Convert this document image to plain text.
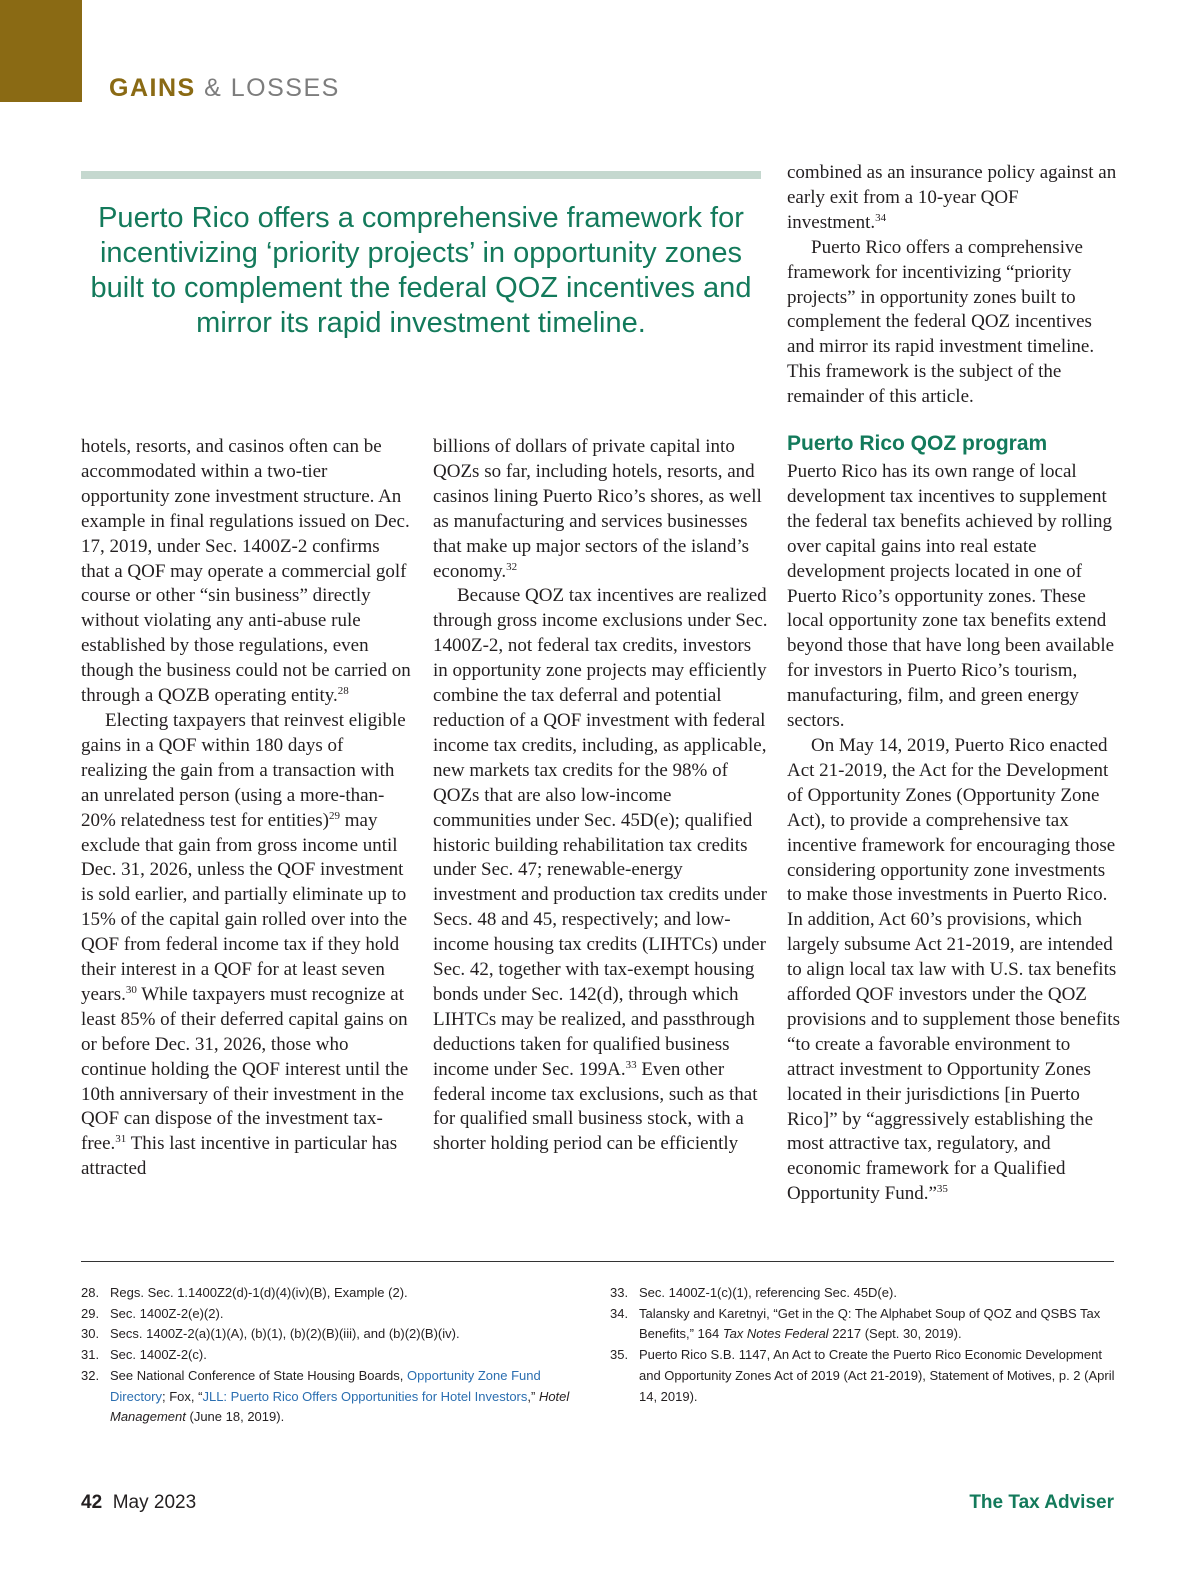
GAINS & LOSSES
Puerto Rico offers a comprehensive framework for incentivizing ‘priority projects’ in opportunity zones built to complement the federal QOZ incentives and mirror its rapid investment timeline.

hotels, resorts, and casinos often can be accommodated within a two-tier opportunity zone investment structure. An example in final regulations issued on Dec. 17, 2019, under Sec. 1400Z-2 confirms that a QOF may operate a commercial golf course or other “sin business” directly without violating any anti-abuse rule established by those regulations, even though the business could not be carried on through a QOZB operating entity.$^{28}$

Electing taxpayers that reinvest eligible gains in a QOF within 180 days of realizing the gain from a transaction with an unrelated person (using a more-than-20% relatedness test for entities)$^{29}$ may exclude that gain from gross income until Dec. 31, 2026, unless the QOF investment is sold earlier, and partially eliminate up to 15% of the capital gain rolled over into the QOF from federal income tax if they hold their interest in a QOF for at least seven years.$^{30}$ While taxpayers must recognize at least 85% of their deferred capital gains on or before Dec. 31, 2026, those who continue holding the QOF interest until the 10th anniversary of their investment in the QOF can dispose of the investment tax-free.$^{31}$ This last incentive in particular has attracted

billions of dollars of private capital into QOZs so far, including hotels, resorts, and casinos lining Puerto Rico’s shores, as well as manufacturing and services businesses that make up major sectors of the island’s economy.$^{32}$

Because QOZ tax incentives are realized through gross income exclusions under Sec. 1400Z-2, not federal tax credits, investors in opportunity zone projects may efficiently combine the tax deferral and potential reduction of a QOF investment with federal income tax credits, including, as applicable, new markets tax credits for the 98% of QOZs that are also low-income communities under Sec. 45D(e); qualified historic building rehabilitation tax credits under Sec. 47; renewable-energy investment and production tax credits under Secs. 48 and 45, respectively; and low-income housing tax credits (LIHTCs) under Sec. 42, together with tax-exempt housing bonds under Sec. 142(d), through which LIHTCs may be realized, and passthrough deductions taken for qualified business income under Sec. 199A.$^{33}$ Even other federal income tax exclusions, such as that for qualified small business stock, with a shorter holding period can be efficiently

combined as an insurance policy against an early exit from a 10-year QOF investment.$^{34}$

Puerto Rico offers a comprehensive framework for incentivizing “priority projects” in opportunity zones built to complement the federal QOZ incentives and mirror its rapid investment timeline. This framework is the subject of the remainder of this article.

Puerto Rico QOZ program

Puerto Rico has its own range of local development tax incentives to supplement the federal tax benefits achieved by rolling over capital gains into real estate development projects located in one of Puerto Rico’s opportunity zones. These local opportunity zone tax benefits extend beyond those that have long been available for investors in Puerto Rico’s tourism, manufacturing, film, and green energy sectors.

On May 14, 2019, Puerto Rico enacted Act 21-2019, the Act for the Development of Opportunity Zones (Opportunity Zone Act), to provide a comprehensive tax incentive framework for encouraging those considering opportunity zone investments to make those investments in Puerto Rico. In addition, Act 60’s provisions, which largely subsume Act 21-2019, are intended to align local tax law with U.S. tax benefits afforded QOF investors under the QOZ provisions and to supplement those benefits “to create a favorable environment to attract investment to Opportunity Zones located in their jurisdictions [in Puerto Rico]” by “aggressively establishing the most attractive tax, regulatory, and economic framework for a Qualified Opportunity Fund.”$^{35}$

28. Regs. Sec. 1.1400Z2(d)-1(d)(4)(iv)(B), Example (2).
29. Sec. 1400Z-2(e)(2).
30. Secs. 1400Z-2(a)(1)(A), (b)(1), (b)(2)(B)(iii), and (b)(2)(B)(iv).
31. Sec. 1400Z-2(c).
32. See National Conference of State Housing Boards, Opportunity Zone Fund Directory; Fox, “JLL: Puerto Rico Offers Opportunities for Hotel Investors,” Hotel Management (June 18, 2019).
33. Sec. 1400Z-1(c)(1), referencing Sec. 45D(e).
34. Talansky and Karetnyi, “Get in the Q: The Alphabet Soup of QOZ and QSBS Tax Benefits,” 164 Tax Notes Federal 2217 (Sept. 30, 2019).
35. Puerto Rico S.B. 1147, An Act to Create the Puerto Rico Economic Development and Opportunity Zones Act of 2019 (Act 21-2019), Statement of Motives, p. 2 (April 14, 2019).
42 May 2023	The Tax Adviser
